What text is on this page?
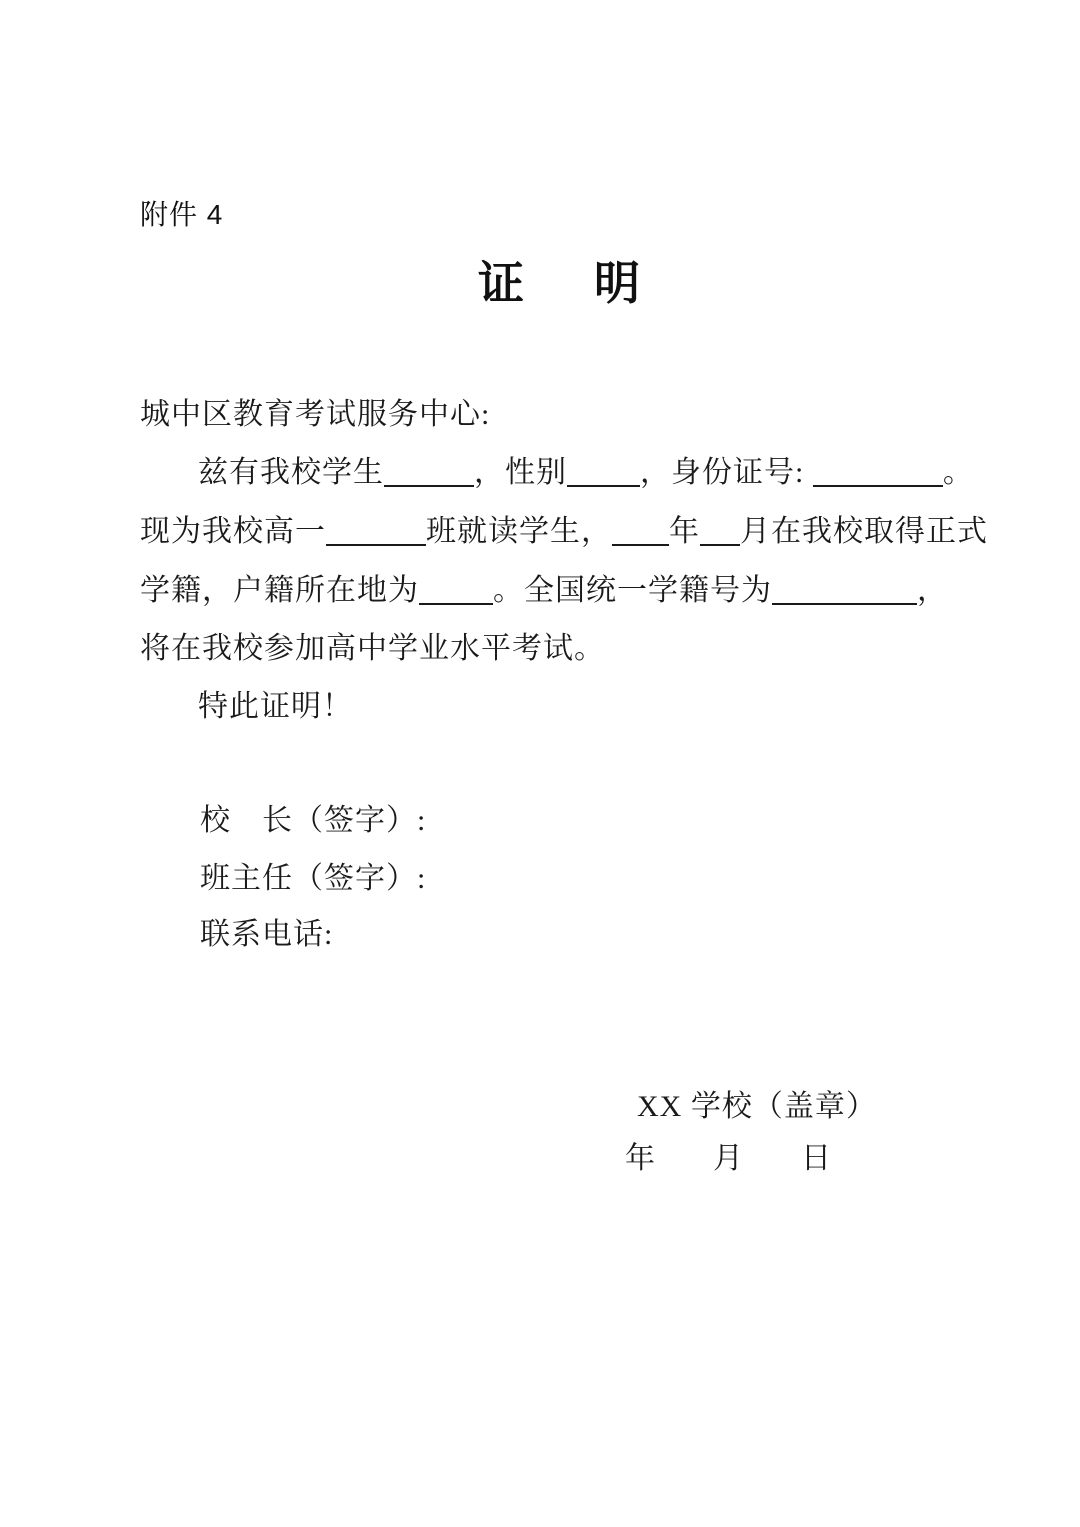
附件 4
证　明
城中区教育考试服务中心:
兹有我校学生	，性别 ，身份证号:	。
现为我校高一	班就读学生， 年 月在我校取得正式
学籍，户籍所在地为 。全国统一学籍号为	，
将在我校参加高中学业水平考试。
特此证明！
校　长（签字）:
班主任（签字）:
联系电话:
XX 学校（盖章）
年 月 日
